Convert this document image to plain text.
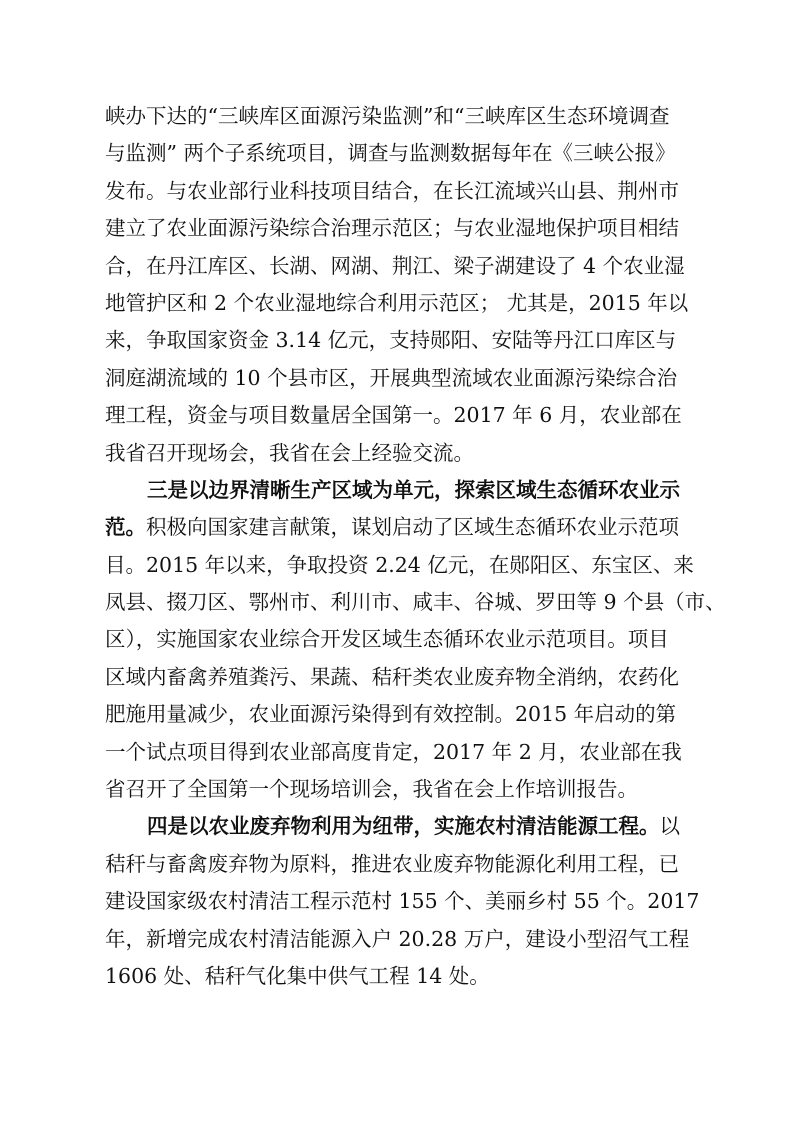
峡办下达的“三峡库区面源污染监测”和“三峡库区生态环境调查
与监测” 两个子系统项目，调查与监测数据每年在《三峡公报》
发布。与农业部行业科技项目结合，在长江流域兴山县、荆州市
建立了农业面源污染综合治理示范区；与农业湿地保护项目相结
合，在丹江库区、长湖、网湖、荆江、梁子湖建设了 4 个农业湿
地管护区和 2 个农业湿地综合利用示范区； 尤其是，2015 年以
来，争取国家资金 3.14 亿元，支持郧阳、安陆等丹江口库区与
洞庭湖流域的 10 个县市区，开展典型流域农业面源污染综合治
理工程，资金与项目数量居全国第一。2017 年 6 月，农业部在
我省召开现场会，我省在会上经验交流。
三是以边界清晰生产区域为单元，探索区域生态循环农业示
范。积极向国家建言献策，谋划启动了区域生态循环农业示范项
目。2015 年以来，争取投资 2.24 亿元，在郧阳区、东宝区、来
凤县、掇刀区、鄂州市、利川市、咸丰、谷城、罗田等 9 个县（市、
区），实施国家农业综合开发区域生态循环农业示范项目。项目
区域内畜禽养殖粪污、果蔬、秸秆类农业废弃物全消纳，农药化
肥施用量减少，农业面源污染得到有效控制。2015 年启动的第
一个试点项目得到农业部高度肯定，2017 年 2 月，农业部在我
省召开了全国第一个现场培训会，我省在会上作培训报告。
四是以农业废弃物利用为纽带，实施农村清洁能源工程。以
秸秆与畜禽废弃物为原料，推进农业废弃物能源化利用工程，已
建设国家级农村清洁工程示范村 155 个、美丽乡村 55 个。2017
年，新增完成农村清洁能源入户 20.28 万户，建设小型沼气工程
1606 处、秸秆气化集中供气工程 14 处。
